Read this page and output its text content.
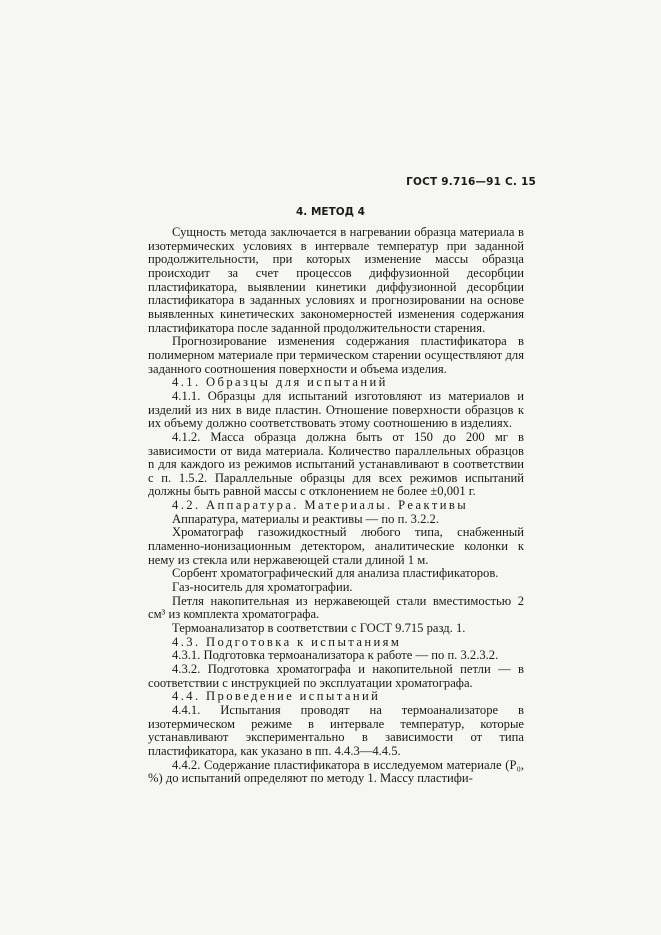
ГОСТ 9.716—91 С. 15
4. МЕТОД 4

Сущность метода заключается в нагревании образца материала в изотермических условиях в интервале температур при заданной продолжительности, при которых изменение массы образца происходит за счет процессов диффузионной десорбции пластификатора, выявлении кинетики диффузионной десорбции пластификатора в заданных условиях и прогнозировании на основе выявленных кинетических закономерностей изменения содержания пластификатора после заданной продолжительности старения.

Прогнозирование изменения содержания пластификатора в полимерном материале при термическом старении осуществляют для заданного соотношения поверхности и объема изделия.

4.1. Образцы для испытаний

4.1.1. Образцы для испытаний изготовляют из материалов и изделий из них в виде пластин. Отношение поверхности образцов к их объему должно соответствовать этому соотношению в изделиях.

4.1.2. Масса образца должна быть от 150 до 200 мг в зависимости от вида материала. Количество параллельных образцов n для каждого из режимов испытаний устанавливают в соответствии с п. 1.5.2. Параллельные образцы для всех режимов испытаний должны быть равной массы с отклонением не более ±0,001 г.

4.2. Аппаратура. Материалы. Реактивы

Аппаратура, материалы и реактивы — по п. 3.2.2.

Хроматограф газожидкостный любого типа, снабженный пламенно-ионизационным детектором, аналитические колонки к нему из стекла или нержавеющей стали длиной 1 м.

Сорбент хроматографический для анализа пластификаторов.

Газ-носитель для хроматографии.

Петля накопительная из нержавеющей стали вместимостью 2 см³ из комплекта хроматографа.

Термоанализатор в соответствии с ГОСТ 9.715 разд. 1.

4.3. Подготовка к испытаниям

4.3.1. Подготовка термоанализатора к работе — по п. 3.2.3.2.

4.3.2. Подготовка хроматографа и накопительной петли — в соответствии с инструкцией по эксплуатации хроматографа.

4.4. Проведение испытаний

4.4.1. Испытания проводят на термоанализаторе в изотермическом режиме в интервале температур, которые устанавливают экспериментально в зависимости от типа пластификатора, как указано в пп. 4.4.3—4.4.5.

4.4.2. Содержание пластификатора в исследуемом материале (P₀, %) до испытаний определяют по методу 1. Массу пластифи-
